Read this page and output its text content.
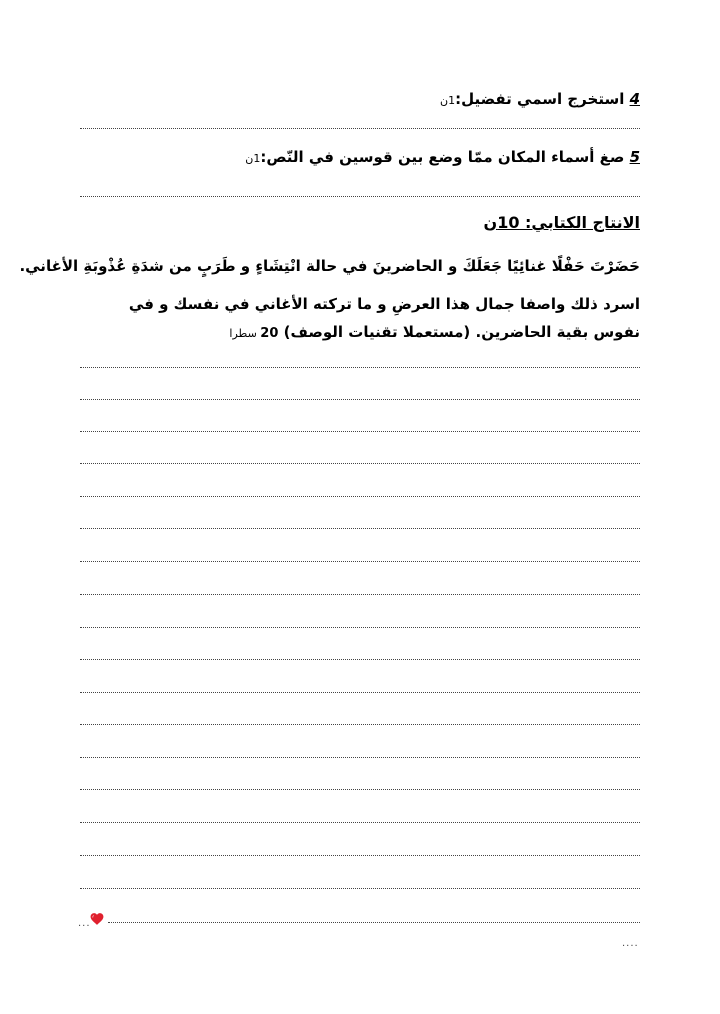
4 استخرج اسمي تفضيل:1ن
5 صغ أسماء المكان ممّا وضع بين قوسين في النّص:1ن
الانتاج الكتابي: 10ن
حَضَرْتَ حَفْلًا غنائِيًا جَعَلَكَ و الحاضرينَ في حالة انْتِشَاءٍ و طَرَبٍ من شدَةِ عُذْوبَةِ الأغاني.
اسرد ذلك واصفا جمال هذا العرضِ و ما تركته الأغاني في نفسك و في نفوس بقية الحاضرين. (مستعملا تقنيات الوصف) 20 سطرا
...
....
